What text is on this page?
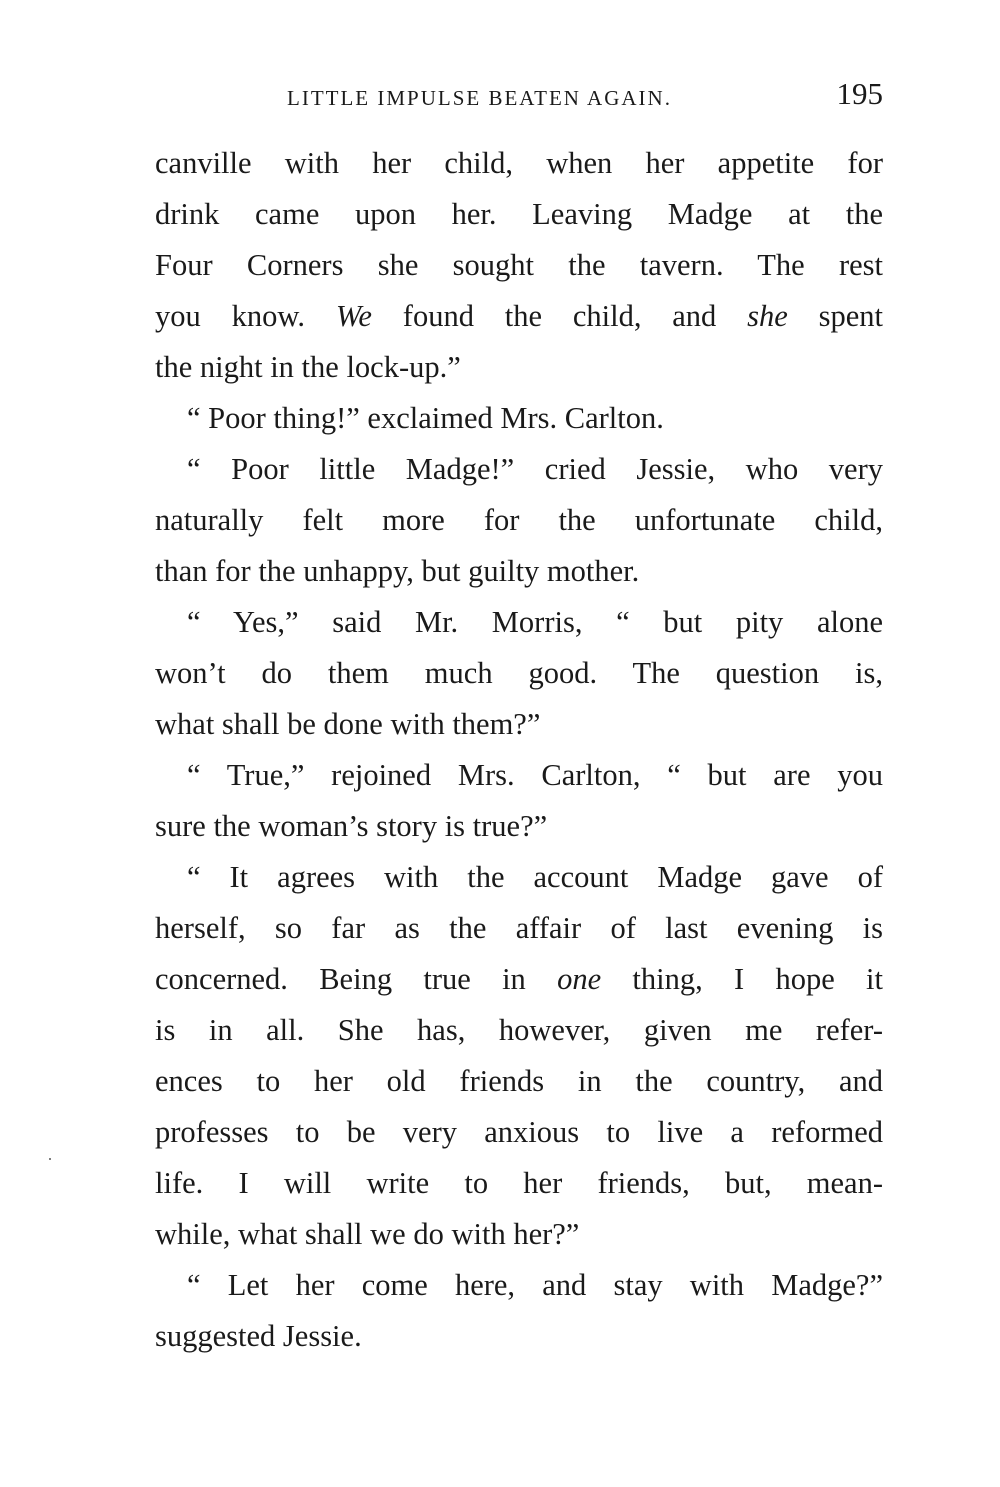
LITTLE IMPULSE BEATEN AGAIN.	195
canville with her child, when her appetite for
drink came upon her. Leaving Madge at the
Four Corners she sought the tavern. The rest
you know. We found the child, and she spent
the night in the lock-up.”
“ Poor thing!” exclaimed Mrs. Carlton.
“ Poor little Madge!” cried Jessie, who very
naturally felt more for the unfortunate child,
than for the unhappy, but guilty mother.
“ Yes,” said Mr. Morris, “ but pity alone
won’t do them much good. The question is,
what shall be done with them?”
“ True,” rejoined Mrs. Carlton, “ but are you
sure the woman’s story is true?”
“ It agrees with the account Madge gave of
herself, so far as the affair of last evening is
concerned. Being true in one thing, I hope it
is in all. She has, however, given me refer-
ences to her old friends in the country, and
professes to be very anxious to live a reformed
life. I will write to her friends, but, mean-
while, what shall we do with her?”
“ Let her come here, and stay with Madge?”
suggested Jessie.
